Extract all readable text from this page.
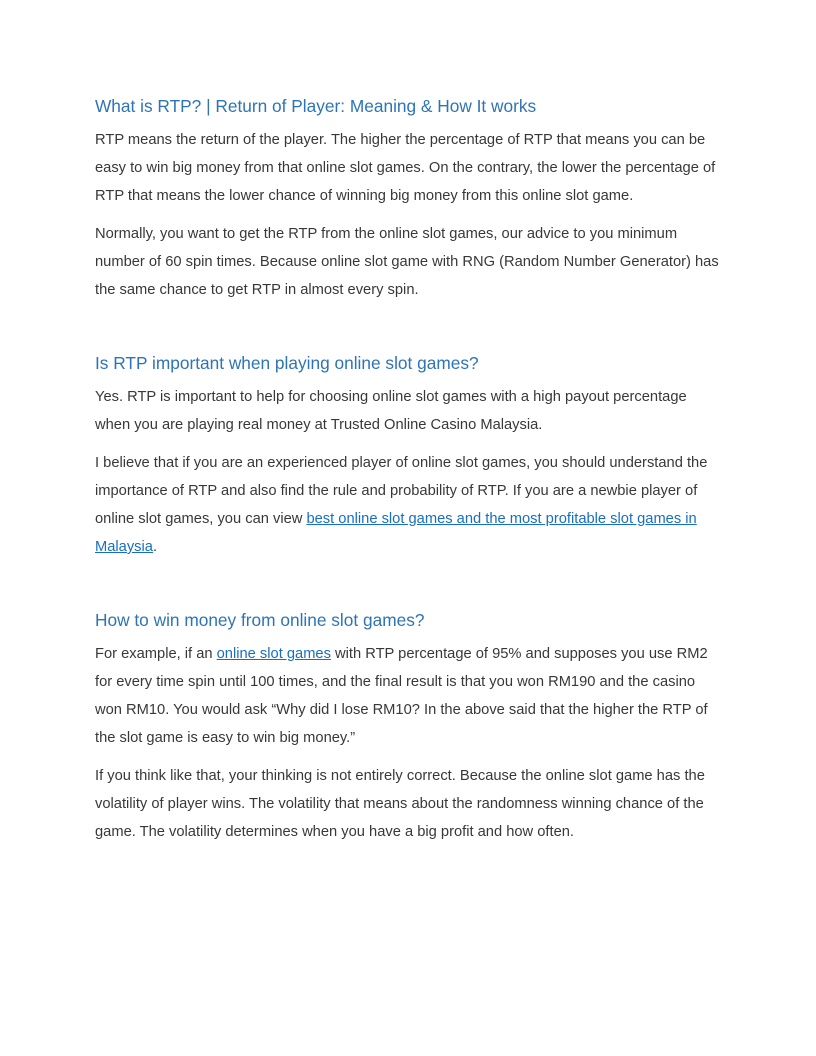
What is RTP? | Return of Player: Meaning & How It works

RTP means the return of the player. The higher the percentage of RTP that means you can be easy to win big money from that online slot games. On the contrary, the lower the percentage of RTP that means the lower chance of winning big money from this online slot game.

Normally, you want to get the RTP from the online slot games, our advice to you minimum number of 60 spin times. Because online slot game with RNG (Random Number Generator) has the same chance to get RTP in almost every spin.

Is RTP important when playing online slot games?

Yes. RTP is important to help for choosing online slot games with a high payout percentage when you are playing real money at Trusted Online Casino Malaysia.

I believe that if you are an experienced player of online slot games, you should understand the importance of RTP and also find the rule and probability of RTP. If you are a newbie player of online slot games, you can view best online slot games and the most profitable slot games in Malaysia.

How to win money from online slot games?

For example, if an online slot games with RTP percentage of 95% and supposes you use RM2 for every time spin until 100 times, and the final result is that you won RM190 and the casino won RM10. You would ask “Why did I lose RM10? In the above said that the higher the RTP of the slot game is easy to win big money.”

If you think like that, your thinking is not entirely correct. Because the online slot game has the volatility of player wins. The volatility that means about the randomness winning chance of the game. The volatility determines when you have a big profit and how often.
